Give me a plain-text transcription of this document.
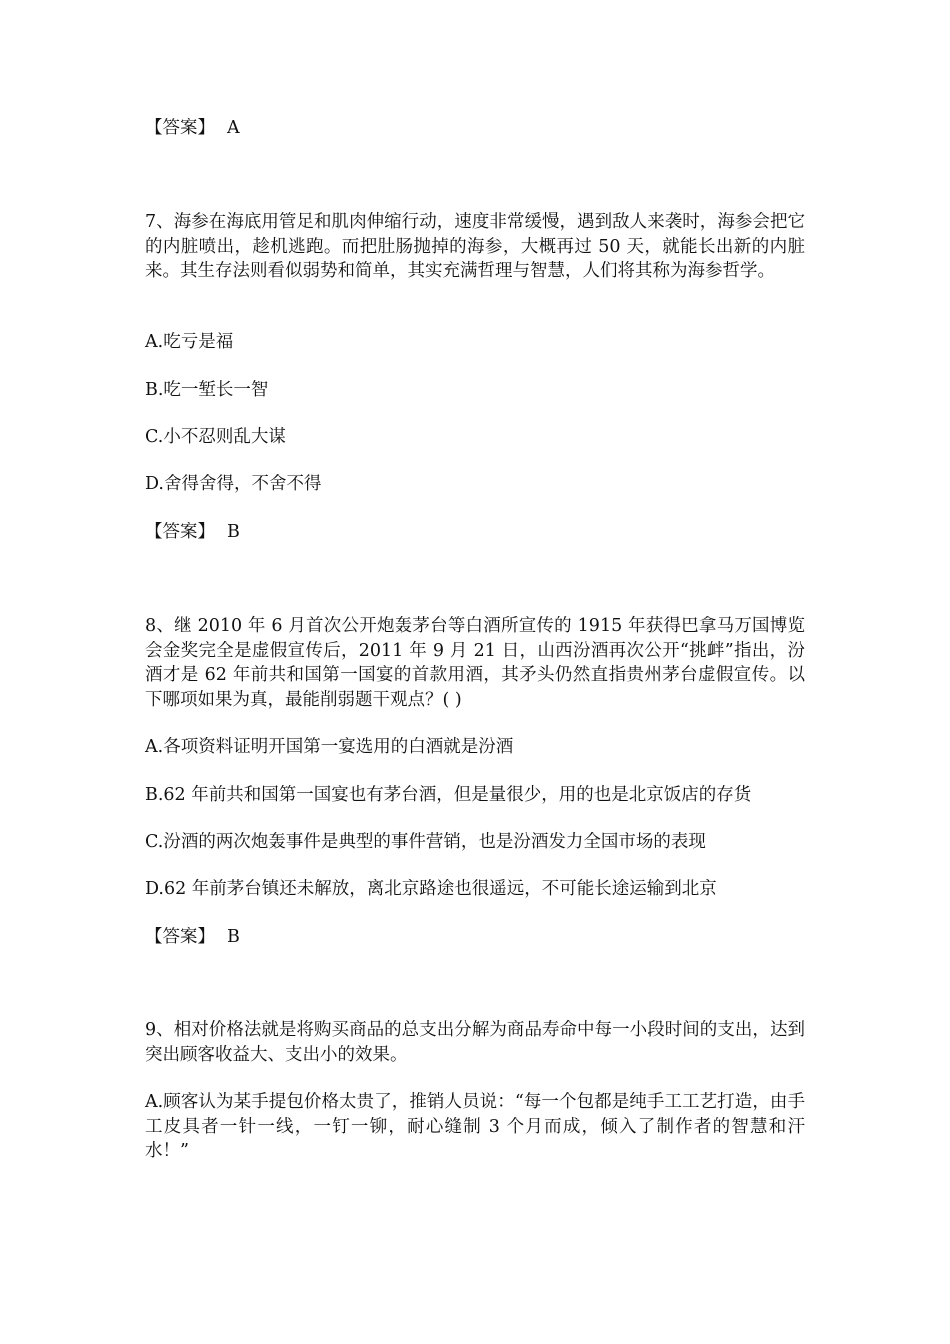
【答案】 A
7、海参在海底用管足和肌肉伸缩行动，速度非常缓慢，遇到敌人来袭时，海参会把它的内脏喷出，趁机逃跑。而把肚肠抛掉的海参，大概再过 50 天，就能长出新的内脏来。其生存法则看似弱势和简单，其实充满哲理与智慧，人们将其称为海参哲学。
A.吃亏是福
B.吃一堑长一智
C.小不忍则乱大谋
D.舍得舍得，不舍不得
【答案】 B
8、继 2010 年 6 月首次公开炮轰茅台等白酒所宣传的 1915 年获得巴拿马万国博览会金奖完全是虚假宣传后，2011 年 9 月 21 日，山西汾酒再次公开“挑衅”指出，汾酒才是 62 年前共和国第一国宴的首款用酒，其矛头仍然直指贵州茅台虚假宣传。以下哪项如果为真，最能削弱题干观点？( )
A.各项资料证明开国第一宴选用的白酒就是汾酒
B.62 年前共和国第一国宴也有茅台酒，但是量很少，用的也是北京饭店的存货
C.汾酒的两次炮轰事件是典型的事件营销，也是汾酒发力全国市场的表现
D.62 年前茅台镇还未解放，离北京路途也很遥远，不可能长途运输到北京
【答案】 B
9、相对价格法就是将购买商品的总支出分解为商品寿命中每一小段时间的支出，达到突出顾客收益大、支出小的效果。
A.顾客认为某手提包价格太贵了，推销人员说：“每一个包都是纯手工工艺打造，由手工皮具者一针一线，一钉一铆，耐心缝制 3 个月而成，倾入了制作者的智慧和汗水！”
